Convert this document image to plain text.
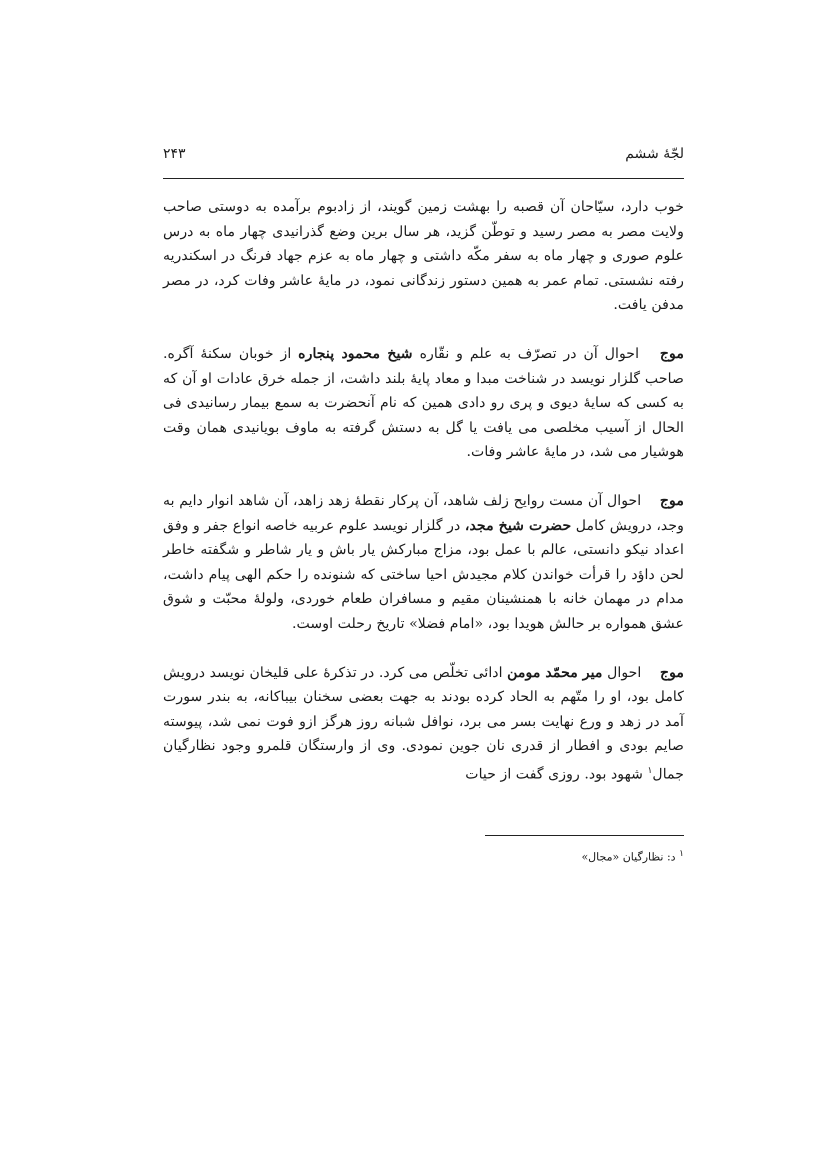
لجّهٔ ششم
۲۴۳

خوب دارد، سیّاحان آن قصبه را بهشت زمین گویند، از زادبوم برآمده به دوستی صاحب ولایت مصر به مصر رسید و توطّن گزید، هر سال برین وضع گذرانیدی چهار ماه به درس علوم صوری و چهار ماه به سفر مکّه داشتی و چهار ماه به عزم جهاد فرنگ در اسکندریه رفته نشستی. تمام عمر به همین دستور زندگانی نمود، در مایهٔ عاشر وفات کرد، در مصر مدفن یافت.

موج احوال آن در تصرّف به علم و نقّاره شیخ محمود پنجاره از خوبان سکنهٔ آگره. صاحب گلزار نویسد در شناخت مبدا و معاد پایهٔ بلند داشت، از جمله خرق عادات او آن که به کسی که سایهٔ دیوی و پری رو دادی همین که نام آنحضرت به سمع بیمار رسانیدی فی الحال از آسیب مخلصی می یافت یا گل به دستش گرفته به ماوف بویانیدی همان وقت هوشیار می شد، در مایهٔ عاشر وفات.

موج احوال آن مست روایح زلف شاهد، آن پرکار نقطهٔ زهد زاهد، آن شاهد انوار دایم به وجد، درویش کامل حضرت شیخ مجد، در گلزار نویسد علوم عربیه خاصه انواع جفر و وفق اعداد نیکو دانستی، عالم با عمل بود، مزاج مبارکش یار باش و یار شاطر و شگفته خاطر لحن داؤد را قرأت خواندن کلام مجیدش احیا ساختی که شنونده را حکم الهی پیام داشت، مدام در مهمان خانه با همنشینان مقیم و مسافران طعام خوردی، ولولهٔ محبّت و شوق عشق همواره بر حالش هویدا بود، «امام فضلا» تاریخ رحلت اوست.

موج احوال میر محمّد مومن ادائی تخلّص می کرد. در تذکرهٔ علی قلیخان نویسد درویش کامل بود، او را متّهم به الحاد کرده بودند به جهت بعضی سخنان بیباکانه، به بندر سورت آمد در زهد و ورع نهایت بسر می برد، نوافل شبانه روز هرگز ازو فوت نمی شد، پیوسته صایم بودی و افطار از قدری نان جوین نمودی. وی از وارستگان قلمرو وجود نظارگیان جمال$^۱$ شهود بود. روزی گفت از حیات

$^۱$ د: نظارگیان «مجال»
